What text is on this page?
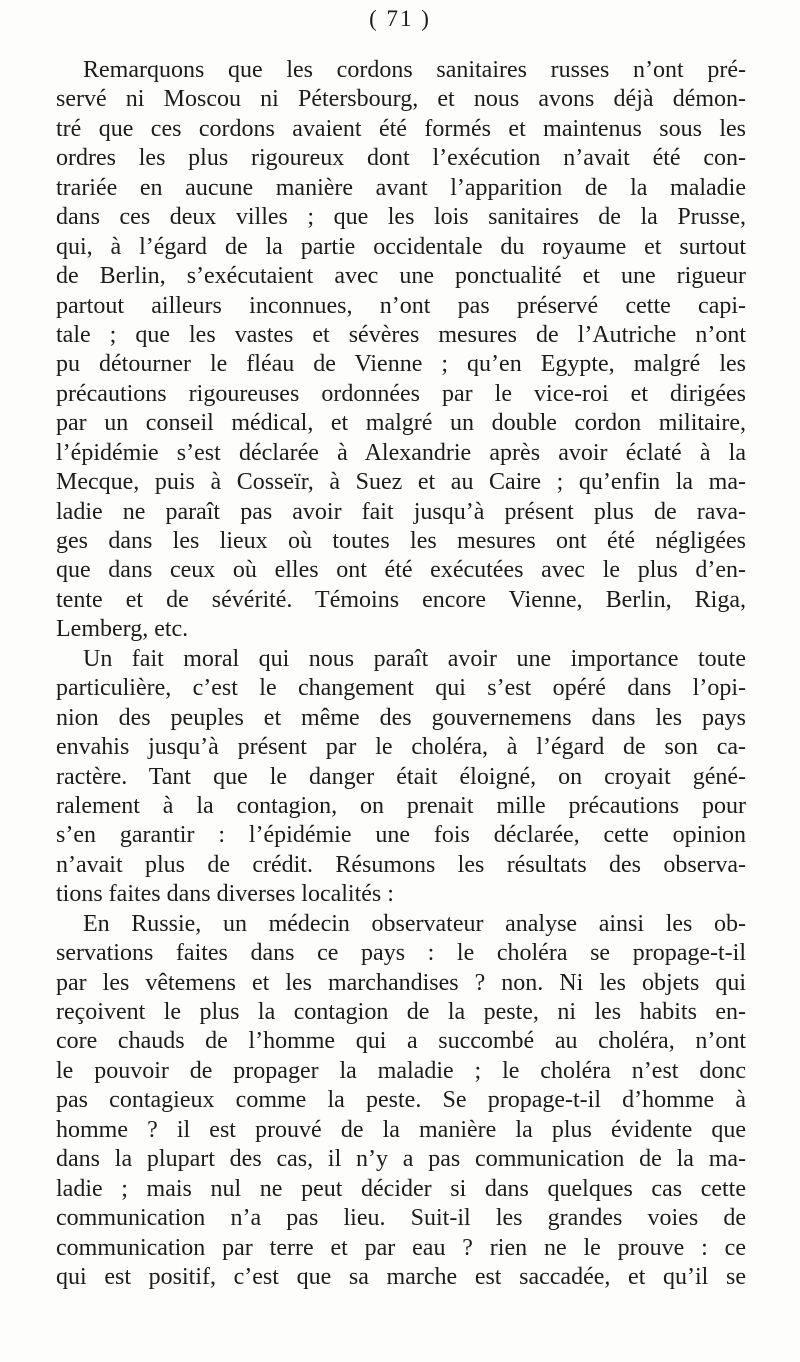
( 71 )
Remarquons que les cordons sanitaires russes n’ont pré-
servé ni Moscou ni Pétersbourg, et nous avons déjà démon-
tré que ces cordons avaient été formés et maintenus sous les
ordres les plus rigoureux dont l’exécution n’avait été con-
trariée en aucune manière avant l’apparition de la maladie
dans ces deux villes ; que les lois sanitaires de la Prusse,
qui, à l’égard de la partie occidentale du royaume et surtout
de Berlin, s’exécutaient avec une ponctualité et une rigueur
partout ailleurs inconnues, n’ont pas préservé cette capi-
tale ; que les vastes et sévères mesures de l’Autriche n’ont
pu détourner le fléau de Vienne ; qu’en Egypte, malgré les
précautions rigoureuses ordonnées par le vice-roi et dirigées
par un conseil médical, et malgré un double cordon militaire,
l’épidémie s’est déclarée à Alexandrie après avoir éclaté à la
Mecque, puis à Cosseïr, à Suez et au Caire ; qu’enfin la ma-
ladie ne paraît pas avoir fait jusqu’à présent plus de rava-
ges dans les lieux où toutes les mesures ont été négligées
que dans ceux où elles ont été exécutées avec le plus d’en-
tente et de sévérité. Témoins encore Vienne, Berlin, Riga,
Lemberg, etc.
Un fait moral qui nous paraît avoir une importance toute
particulière, c’est le changement qui s’est opéré dans l’opi-
nion des peuples et même des gouvernemens dans les pays
envahis jusqu’à présent par le choléra, à l’égard de son ca-
ractère. Tant que le danger était éloigné, on croyait géné-
ralement à la contagion, on prenait mille précautions pour
s’en garantir : l’épidémie une fois déclarée, cette opinion
n’avait plus de crédit. Résumons les résultats des observa-
tions faites dans diverses localités :
En Russie, un médecin observateur analyse ainsi les ob-
servations faites dans ce pays : le choléra se propage-t-il
par les vêtemens et les marchandises ? non. Ni les objets qui
reçoivent le plus la contagion de la peste, ni les habits en-
core chauds de l’homme qui a succombé au choléra, n’ont
le pouvoir de propager la maladie ; le choléra n’est donc
pas contagieux comme la peste. Se propage-t-il d’homme à
homme ? il est prouvé de la manière la plus évidente que
dans la plupart des cas, il n’y a pas communication de la ma-
ladie ; mais nul ne peut décider si dans quelques cas cette
communication n’a pas lieu. Suit-il les grandes voies de
communication par terre et par eau ? rien ne le prouve : ce
qui est positif, c’est que sa marche est saccadée, et qu’il se
